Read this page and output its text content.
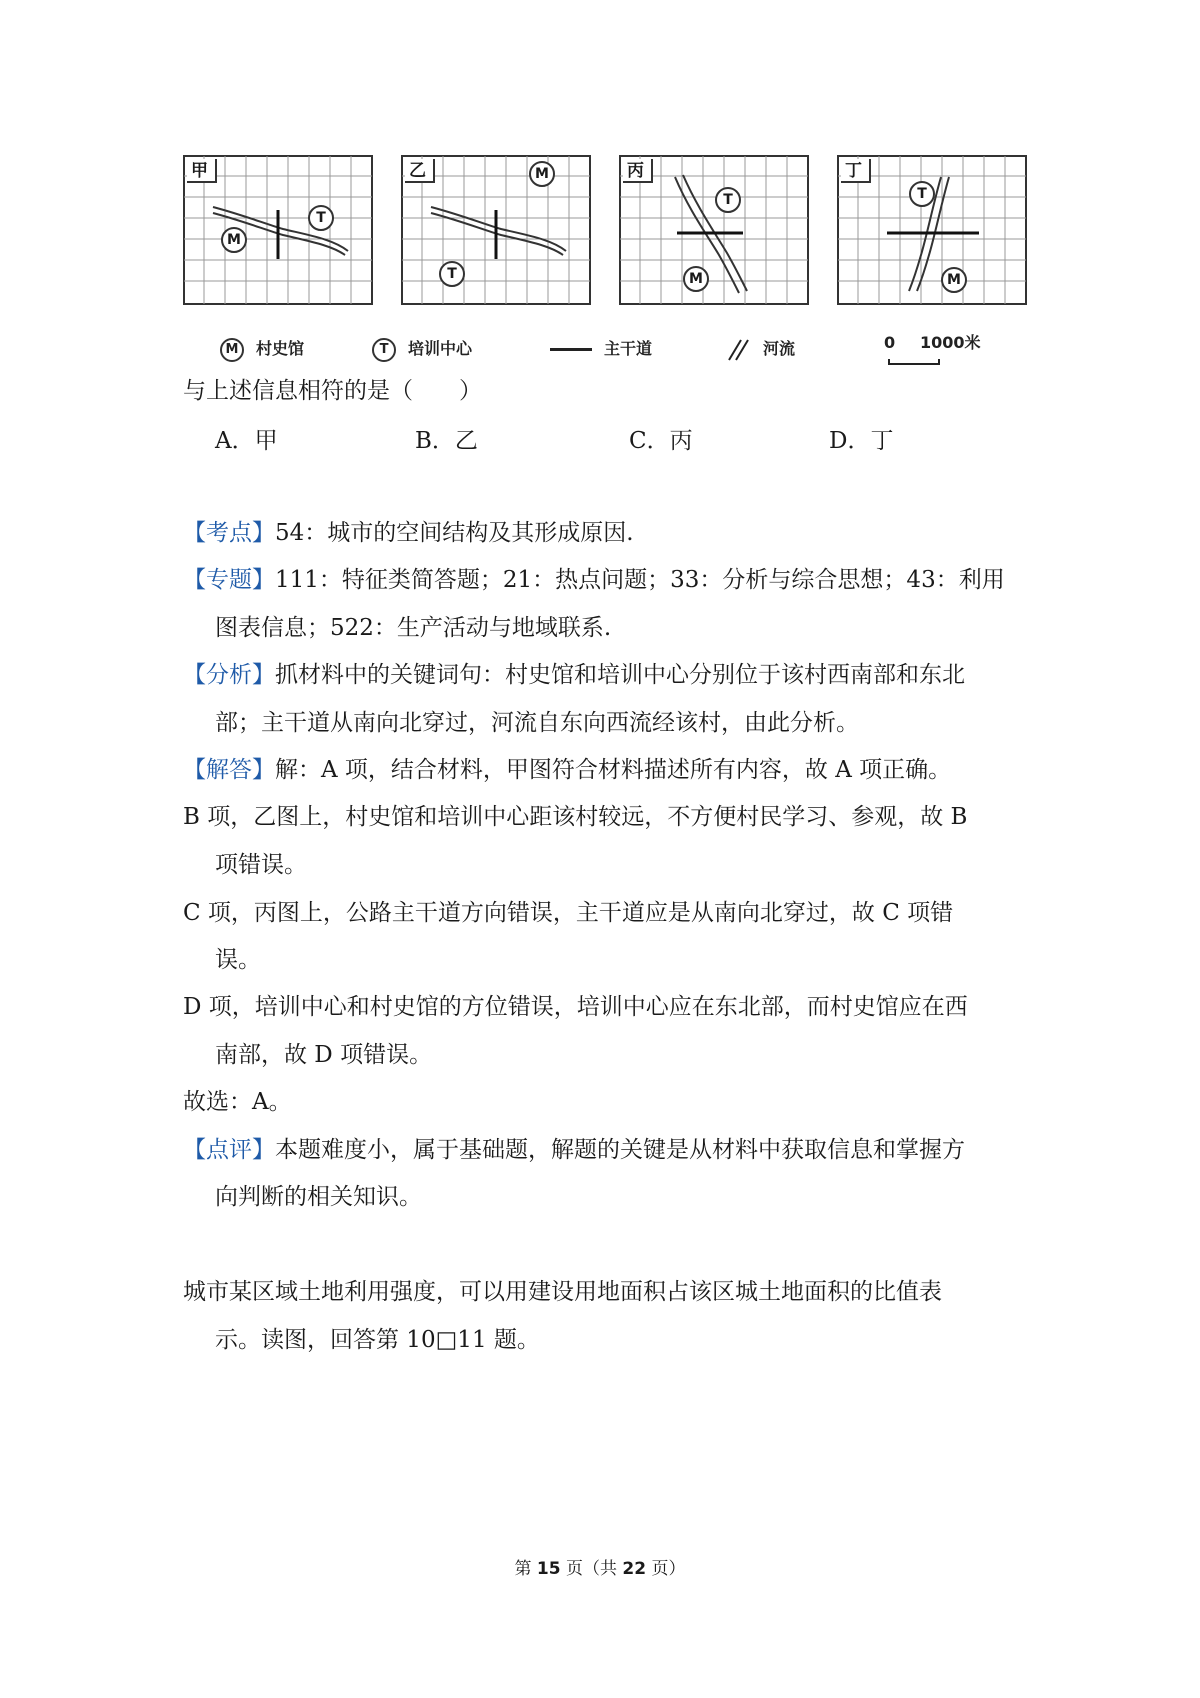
甲
M
T
乙	M
T
丙
T
M
丁
T
M
M 村史馆	T 培训中心	主干道	河流	0 1000米
与上述信息相符的是（　　）
A．甲	B．乙	C．丙	D．丁
【考点】54：城市的空间结构及其形成原因.
【专题】111：特征类简答题；21：热点问题；33：分析与综合思想；43：利用
图表信息；522：生产活动与地域联系.
【分析】抓材料中的关键词句：村史馆和培训中心分别位于该村西南部和东北
部；主干道从南向北穿过，河流自东向西流经该村，由此分析。
【解答】解：A 项，结合材料，甲图符合材料描述所有内容，故 A 项正确。
B 项，乙图上，村史馆和培训中心距该村较远，不方便村民学习、参观，故 B
项错误。
C 项，丙图上，公路主干道方向错误，主干道应是从南向北穿过，故 C 项错
误。
D 项，培训中心和村史馆的方位错误，培训中心应在东北部，而村史馆应在西
南部，故 D 项错误。
故选：A。
【点评】本题难度小，属于基础题，解题的关键是从材料中获取信息和掌握方
向判断的相关知识。
城市某区域土地利用强度，可以用建设用地面积占该区城土地面积的比值表
示。读图，回答第 10□11 题。
第 15 页（共 22 页）
